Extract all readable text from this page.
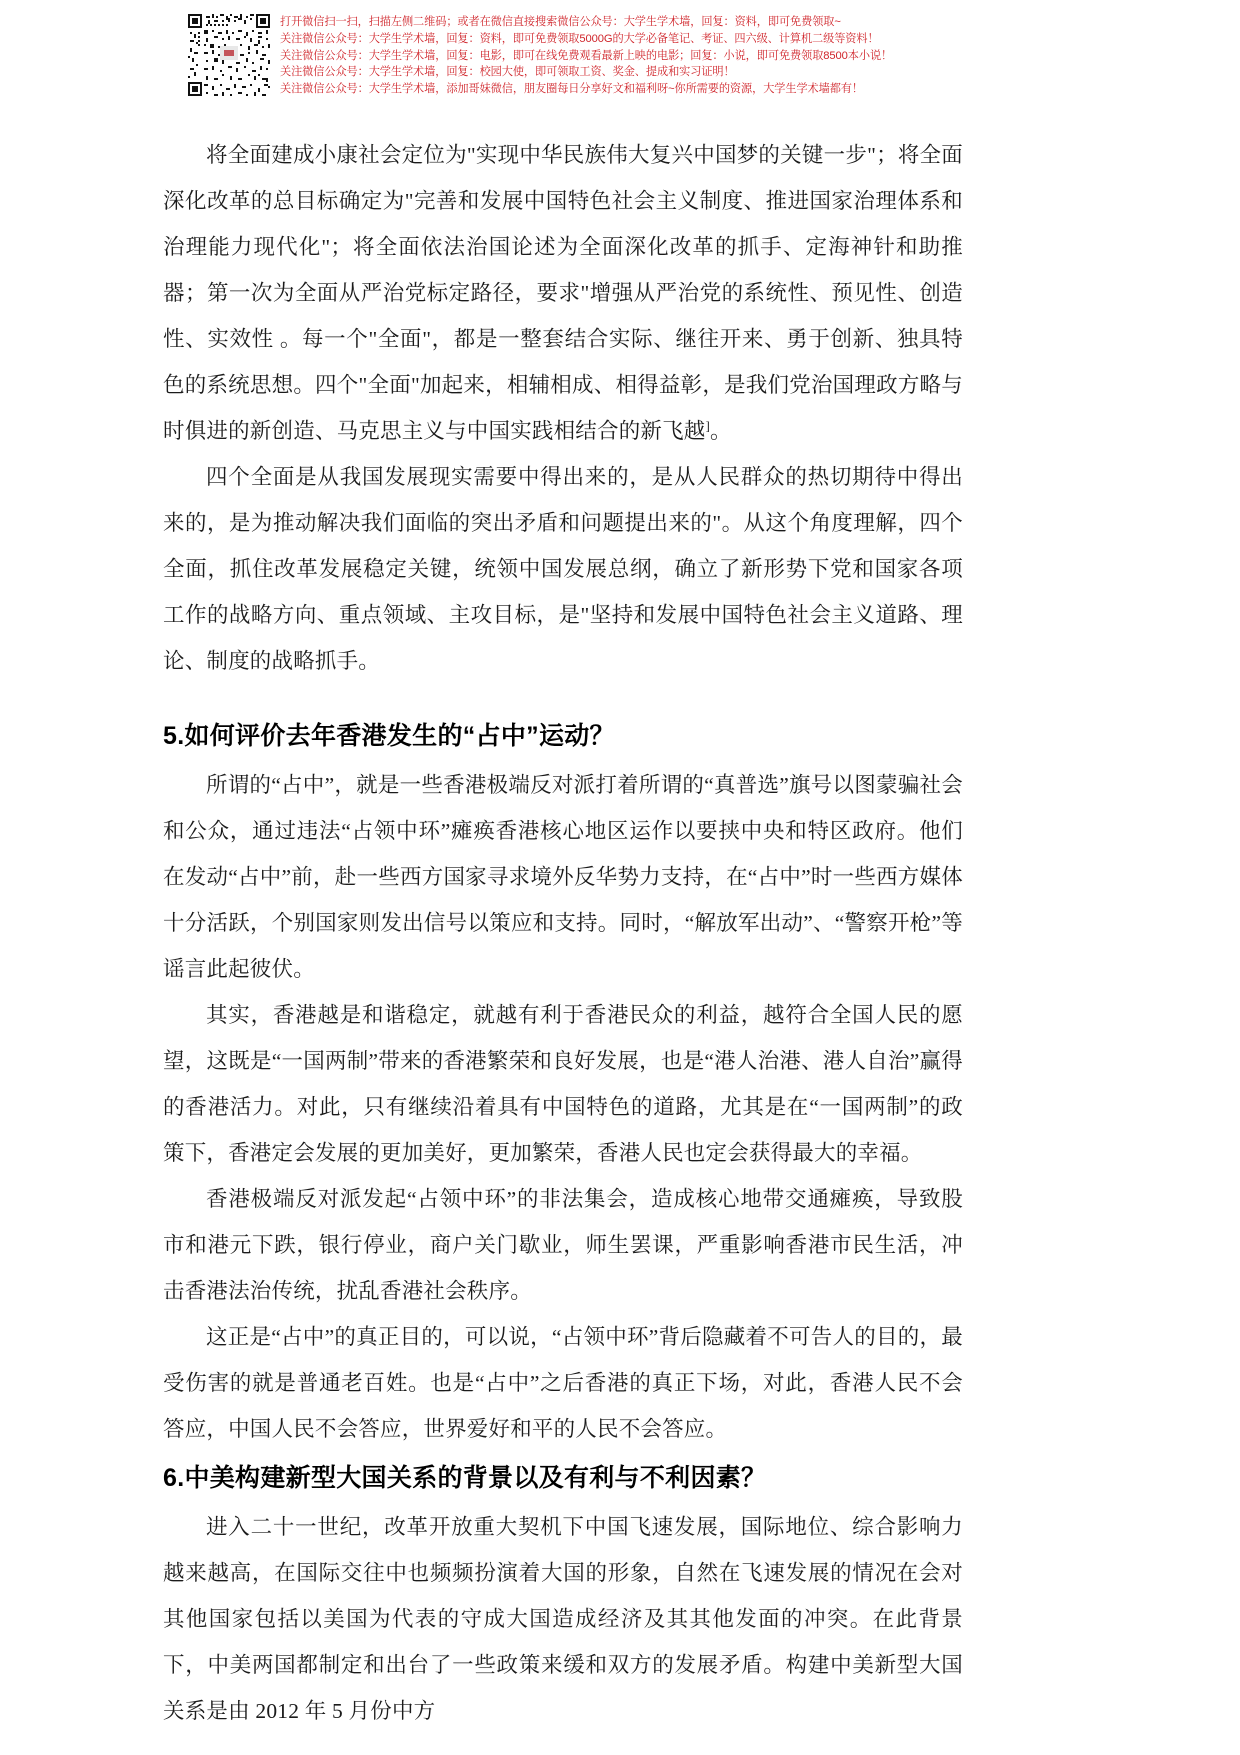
打开微信扫一扫，扫描左侧二维码；或者在微信直接搜索微信公众号：大学生学术墙，回复：资料，即可免费领取~
关注微信公众号：大学生学术墙，回复：资料，即可免费领取5000G的大学必备笔记、考证、四六级、计算机二级等资料！
关注微信公众号：大学生学术墙，回复：电影，即可在线免费观看最新上映的电影；回复：小说，即可免费领取8500本小说！
关注微信公众号：大学生学术墙，回复：校园大使，即可领取工资、奖金、提成和实习证明！
关注微信公众号：大学生学术墙，添加哥妹微信，朋友圈每日分享好文和福利呀~你所需要的资源，大学生学术墙都有！

将全面建成小康社会定位为"实现中华民族伟大复兴中国梦的关键一步"；将全面深化改革的总目标确定为"完善和发展中国特色社会主义制度、推进国家治理体系和治理能力现代化"；将全面依法治国论述为全面深化改革的抓手、定海神针和助推器；第一次为全面从严治党标定路径，要求"增强从严治党的系统性、预见性、创造性、实效性 。每一个"全面"，都是一整套结合实际、继往开来、勇于创新、独具特色的系统思想。四个"全面"加起来，相辅相成、相得益彰，是我们党治国理政方略与时俱进的新创造、马克思主义与中国实践相结合的新飞越]。

四个全面是从我国发展现实需要中得出来的，是从人民群众的热切期待中得出来的，是为推动解决我们面临的突出矛盾和问题提出来的"。从这个角度理解，四个全面，抓住改革发展稳定关键，统领中国发展总纲，确立了新形势下党和国家各项工作的战略方向、重点领域、主攻目标，是"坚持和发展中国特色社会主义道路、理论、制度的战略抓手。

5.如何评价去年香港发生的“占中”运动？

所谓的“占中”，就是一些香港极端反对派打着所谓的“真普选”旗号以图蒙骗社会和公众，通过违法“占领中环”瘫痪香港核心地区运作以要挟中央和特区政府。他们在发动“占中”前，赴一些西方国家寻求境外反华势力支持，在“占中”时一些西方媒体十分活跃，个别国家则发出信号以策应和支持。同时，“解放军出动”、“警察开枪”等谣言此起彼伏。

其实，香港越是和谐稳定，就越有利于香港民众的利益，越符合全国人民的愿望，这既是“一国两制”带来的香港繁荣和良好发展，也是“港人治港、港人自治”赢得的香港活力。对此，只有继续沿着具有中国特色的道路，尤其是在“一国两制”的政策下，香港定会发展的更加美好，更加繁荣，香港人民也定会获得最大的幸福。

香港极端反对派发起“占领中环”的非法集会，造成核心地带交通瘫痪，导致股市和港元下跌，银行停业，商户关门歇业，师生罢课，严重影响香港市民生活，冲击香港法治传统，扰乱香港社会秩序。

这正是“占中”的真正目的，可以说，“占领中环”背后隐藏着不可告人的目的，最受伤害的就是普通老百姓。也是“占中”之后香港的真正下场，对此，香港人民不会答应，中国人民不会答应，世界爱好和平的人民不会答应。

6.中美构建新型大国关系的背景以及有利与不利因素？

进入二十一世纪，改革开放重大契机下中国飞速发展，国际地位、综合影响力越来越高，在国际交往中也频频扮演着大国的形象，自然在飞速发展的情况在会对其他国家包括以美国为代表的守成大国造成经济及其其他发面的冲突。在此背景下，中美两国都制定和出台了一些政策来缓和双方的发展矛盾。构建中美新型大国关系是由 2012 年 5 月份中方
